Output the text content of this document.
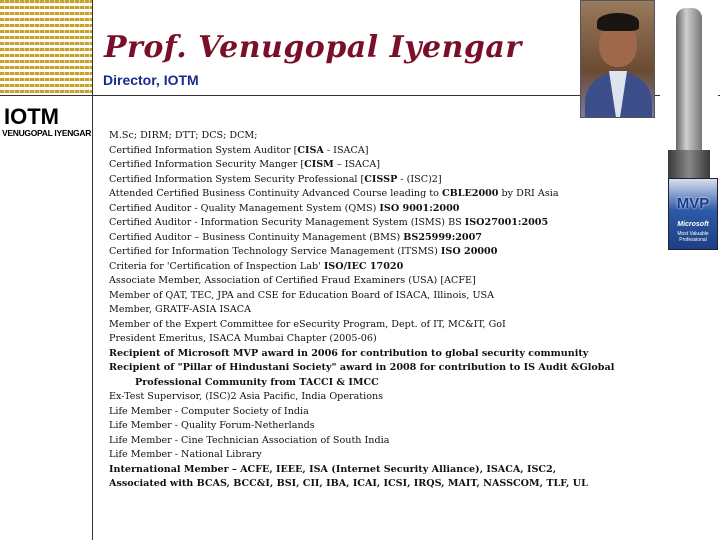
Prof. Venugopal Iyengar
Director, IOTM
IOTM
VENUGOPAL IYENGAR
MVP
Microsoft
Most Valuable Professional
M.Sc; DIRM; DTT; DCS; DCM;
Certified Information System Auditor [CISA - ISACA]
Certified Information Security Manger [CISM – ISACA]
Certified Information System Security Professional [CISSP - (ISC)2]
Attended Certified Business Continuity Advanced Course leading to CBLE2000 by DRI Asia
Certified Auditor - Quality Management System (QMS) ISO 9001:2000
Certified Auditor - Information Security Management System (ISMS) BS ISO27001:2005
Certified Auditor – Business Continuity Management (BMS) BS25999:2007
Certified for Information Technology Service Management (ITSMS) ISO 20000
Criteria for 'Certification of Inspection Lab' ISO/IEC 17020
Associate Member, Association of Certified Fraud Examiners (USA) [ACFE]
Member of QAT, TEC, JPA and CSE for Education Board of ISACA, Illinois, USA
Member, GRATF-ASIA ISACA
Member of the Expert Committee for eSecurity Program, Dept. of IT, MC&IT, GoI
President Emeritus, ISACA Mumbai Chapter (2005-06)
Recipient of Microsoft MVP award in 2006 for contribution to global security community
Recipient of "Pillar of Hindustani Society" award in 2008 for contribution to IS Audit &Global
Professional Community from TACCI & IMCC
Ex-Test Supervisor, (ISC)2 Asia Pacific, India Operations
Life Member - Computer Society of India
Life Member - Quality Forum-Netherlands
Life Member - Cine Technician Association of South India
Life Member - National Library
International Member – ACFE, IEEE, ISA (Internet Security Alliance), ISACA, ISC2,
Associated with BCAS, BCC&I, BSI, CII, IBA, ICAI, ICSI, IRQS, MAIT, NASSCOM, TLF, UL
